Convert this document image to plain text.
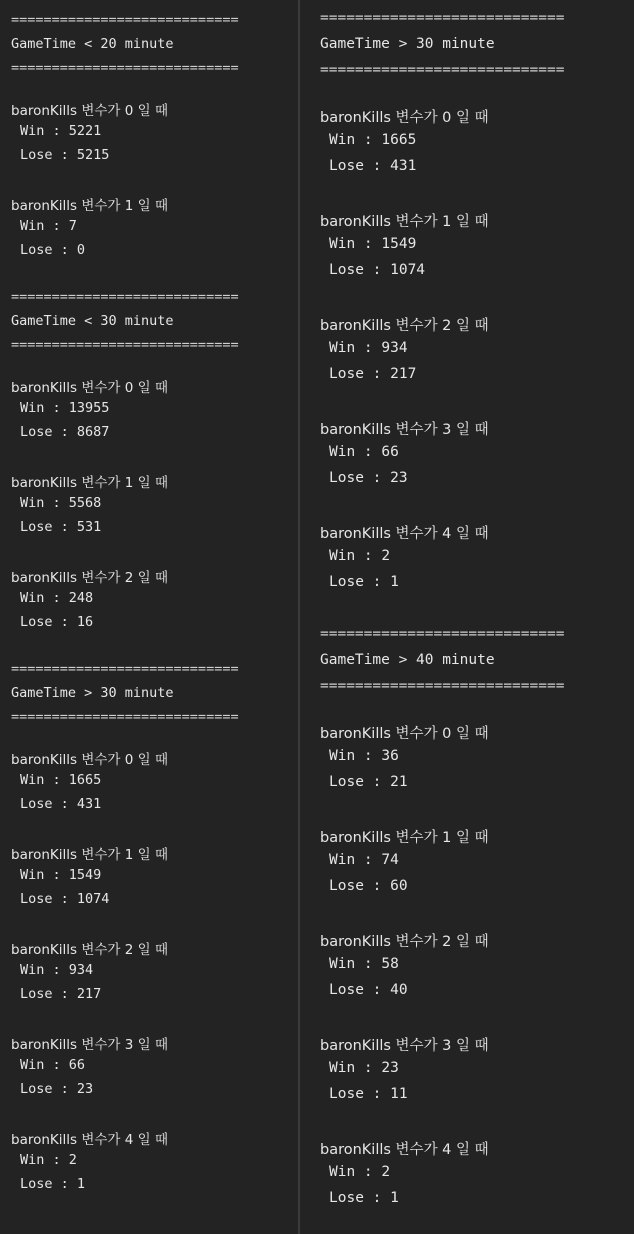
============================
GameTime < 20 minute
============================
baronKills 변수가 0 일 때
Win : 5221
Lose : 5215
baronKills 변수가 1 일 때
Win : 7
Lose : 0
============================
GameTime < 30 minute
============================
baronKills 변수가 0 일 때
Win : 13955
Lose : 8687
baronKills 변수가 1 일 때
Win : 5568
Lose : 531
baronKills 변수가 2 일 때
Win : 248
Lose : 16
============================
GameTime > 30 minute
============================
baronKills 변수가 0 일 때
Win : 1665
Lose : 431
baronKills 변수가 1 일 때
Win : 1549
Lose : 1074
baronKills 변수가 2 일 때
Win : 934
Lose : 217
baronKills 변수가 3 일 때
Win : 66
Lose : 23
baronKills 변수가 4 일 때
Win : 2
Lose : 1
============================
GameTime > 30 minute
============================
baronKills 변수가 0 일 때
Win : 1665
Lose : 431
baronKills 변수가 1 일 때
Win : 1549
Lose : 1074
baronKills 변수가 2 일 때
Win : 934
Lose : 217
baronKills 변수가 3 일 때
Win : 66
Lose : 23
baronKills 변수가 4 일 때
Win : 2
Lose : 1
============================
GameTime > 40 minute
============================
baronKills 변수가 0 일 때
Win : 36
Lose : 21
baronKills 변수가 1 일 때
Win : 74
Lose : 60
baronKills 변수가 2 일 때
Win : 58
Lose : 40
baronKills 변수가 3 일 때
Win : 23
Lose : 11
baronKills 변수가 4 일 때
Win : 2
Lose : 1
